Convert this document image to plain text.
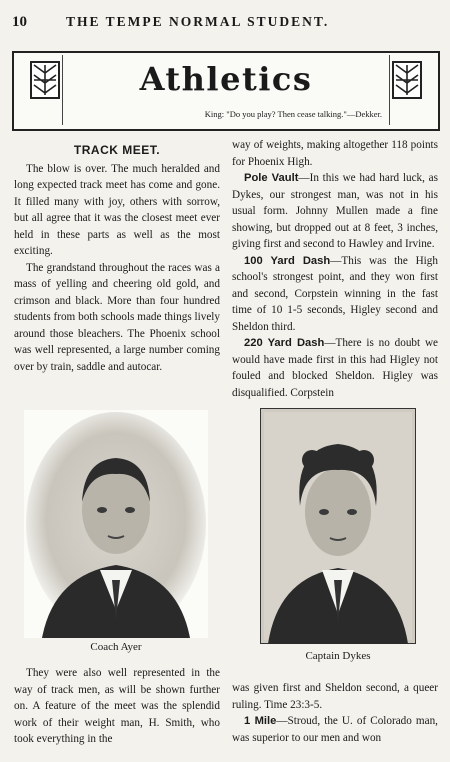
10	THE TEMPE NORMAL STUDENT.
Athletics
King: "Do you play? Then cease talking."—Dekker.
TRACK MEET.

The blow is over. The much heralded and long expected track meet has come and gone. It filled many with joy, others with sorrow, but all agree that it was the closest meet ever held in these parts as well as the most exciting.

The grandstand throughout the races was a mass of yelling and cheering old gold, and crimson and black. More than four hundred students from both schools made things lively around those bleachers. The Phoenix school was well represented, a large number coming over by train, saddle and autocar.

way of weights, making altogether 118 points for Phoenix High.

Pole Vault—In this we had hard luck, as Dykes, our strongest man, was not in his usual form. Johnny Mullen made a fine showing, but dropped out at 8 feet, 3 inches, giving first and second to Hawley and Irvine.

100 Yard Dash—This was the High school's strongest point, and they won first and second, Corpstein winning in the fast time of 10 1-5 seconds, Higley second and Sheldon third.

220 Yard Dash—There is no doubt we would have made first in this had Higley not fouled and blocked Sheldon. Higley was disqualified. Corpstein

Coach Ayer
Captain Dykes

They were also well represented in the way of track men, as will be shown further on. A feature of the meet was the splendid work of their weight man, H. Smith, who took everything in the

was given first and Sheldon second, a queer ruling. Time 23:3-5.

1 Mile—Stroud, the U. of Colorado man, was superior to our men and won
